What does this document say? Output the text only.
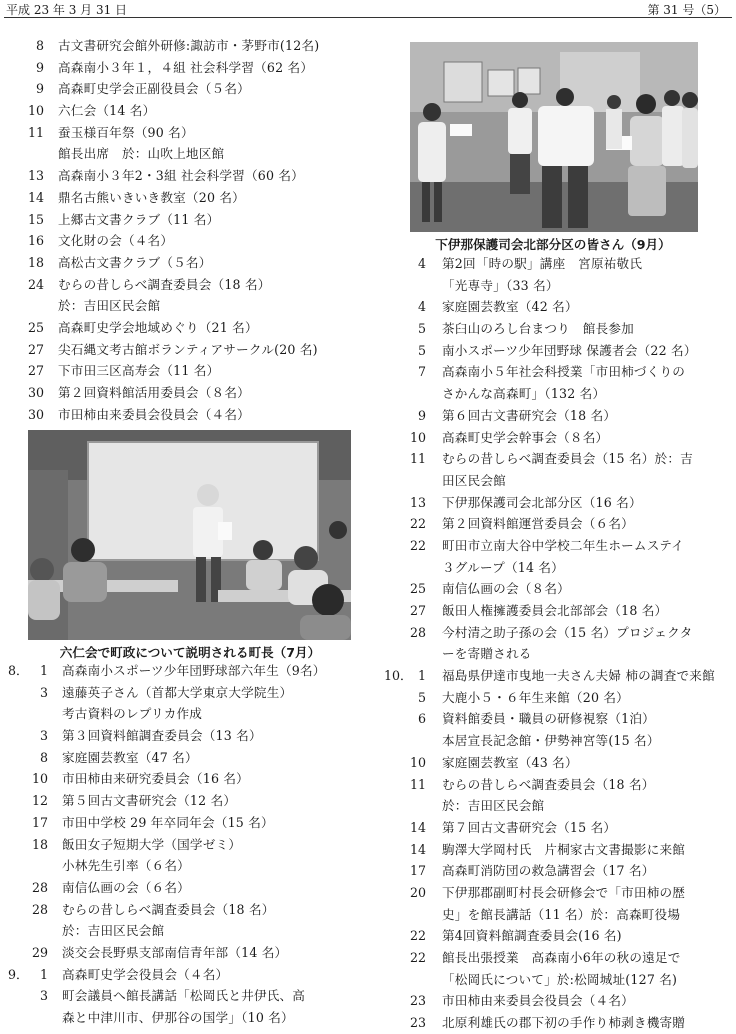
平成 23 年 3 月 31 日	第 31 号（5）
8 古文書研究会館外研修:諏訪市・茅野市(12名)
9 高森南小３年１，４組 社会科学習（62 名）
9 高森町史学会正副役員会（５名）
10 六仁会（14 名）
11 蚕玉様百年祭（90 名）
館長出席　於：山吹上地区館
13 高森南小３年2・3組 社会科学習（60 名）
14 鼎名古熊いきいき教室（20 名）
15 上郷古文書クラブ（11 名）
16 文化財の会（４名）
18 高松古文書クラブ（５名）
24 むらの昔しらべ調査委員会（18 名）
於：吉田区民会館
25 高森町史学会地域めぐり（21 名）
27 尖石縄文考古館ボランティアサークル(20 名)
27 下市田三区高寿会（11 名）
30 第２回資料館活用委員会（８名）
30 市田柿由来委員会役員会（４名）
六仁会で町政について説明される町長（7月）
8． 1 高森南小スポーツ少年団野球部六年生（9名）
3 遠藤英子さん（首都大学東京大学院生）
考古資料のレプリカ作成
3 第３回資料館調査委員会（13 名）
8 家庭園芸教室（47 名）
10 市田柿由来研究委員会（16 名）
12 第５回古文書研究会（12 名）
17 市田中学校 29 年卒同年会（15 名）
18 飯田女子短期大学（国学ゼミ）
小林先生引率（６名）
28 南信仏画の会（６名）
28 むらの昔しらべ調査委員会（18 名）
於：吉田区民会館
29 淡交会長野県支部南信青年部（14 名）
9． 1 高森町史学会役員会（４名）
3 町会議員へ館長講話「松岡氏と井伊氏、高
森と中津川市、伊那谷の国学」（10 名）
下伊那保護司会北部分区の皆さん（9月）
4 第2回「時の駅」講座　宮原祐敬氏
「光専寺」（33 名）
4 家庭園芸教室（42 名）
5 茶臼山のろし台まつり　館長参加
5 南小スポーツ少年団野球 保護者会（22 名）
7 高森南小５年社会科授業「市田柿づくりの
さかんな高森町」（132 名）
9 第６回古文書研究会（18 名）
10 高森町史学会幹事会（８名）
11 むらの昔しらべ調査委員会（15 名）於：吉
田区民会館
13 下伊那保護司会北部分区（16 名）
22 第２回資料館運営委員会（６名）
22 町田市立南大谷中学校二年生ホームステイ
３グループ（14 名）
25 南信仏画の会（８名）
27 飯田人権擁護委員会北部部会（18 名）
28 今村清之助子孫の会（15 名）プロジェクタ
ーを寄贈される
10． 1 福島県伊達市曳地一夫さん夫婦 柿の調査で来館
5 大鹿小５・６年生来館（20 名）
6 資料館委員・職員の研修視察（1泊）
本居宣長記念館・伊勢神宮等(15 名）
10 家庭園芸教室（43 名）
11 むらの昔しらべ調査委員会（18 名）
於：吉田区民会館
14 第７回古文書研究会（15 名）
14 駒澤大学岡村氏　片桐家古文書撮影に来館
17 高森町消防団の救急講習会（17 名）
20 下伊那郡副町村長会研修会で「市田柿の歴
史」を館長講話（11 名）於：高森町役場
22 第4回資料館調査委員会(16 名)
22 館長出張授業　高森南小6年の秋の遠足で
「松岡氏について」於:松岡城址(127 名)
23 市田柿由来委員会役員会（４名）
23 北原利雄氏の郡下初の手作り柿剥き機寄贈
